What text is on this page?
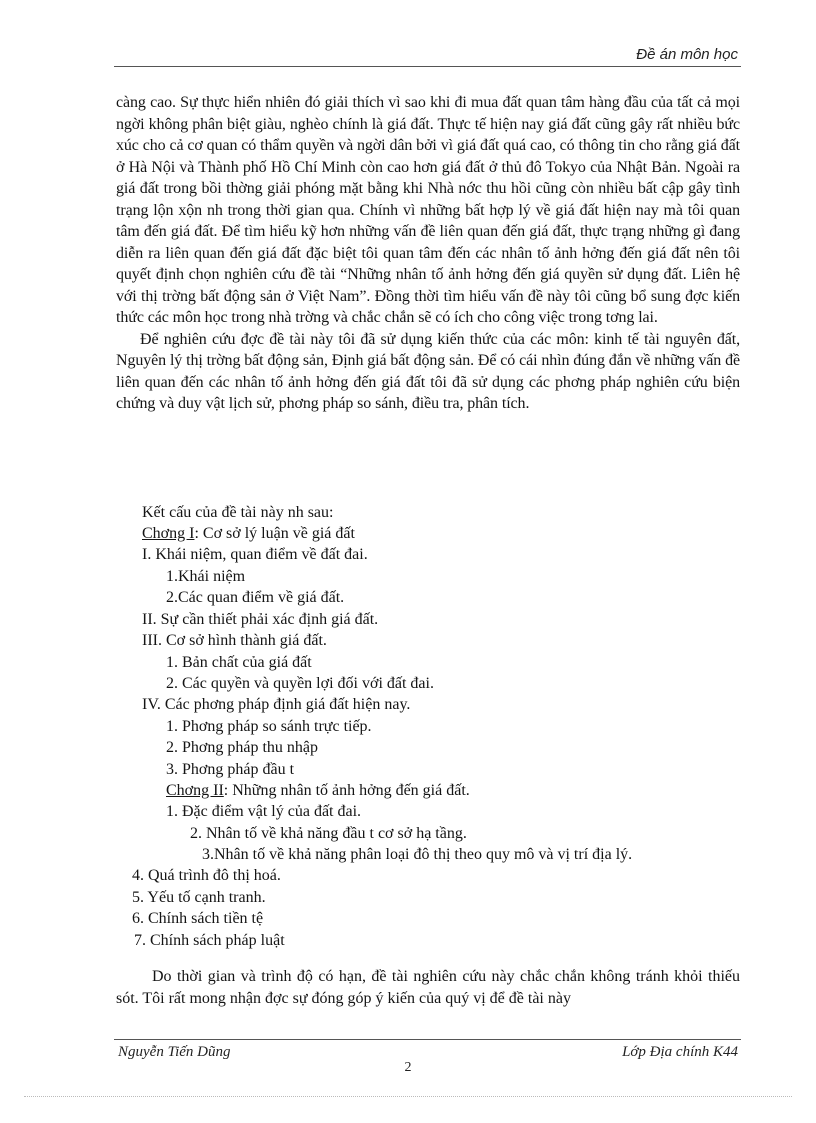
Đề án môn học

càng cao. Sự thực hiển nhiên đó giải thích vì sao khi đi mua đất quan tâm hàng đầu của tất cả mọi ngời không phân biệt giàu, nghèo chính là giá đất. Thực tế hiện nay giá đất cũng gây rất nhiều bức xúc cho cả cơ quan có thẩm quyền và ngời dân bởi vì giá đất quá cao, có thông tin cho rằng giá đất ở Hà Nội và Thành phố Hồ Chí Minh còn cao hơn giá đất ở thủ đô Tokyo của Nhật Bản. Ngoài ra giá đất trong bồi thờng giải phóng mặt bằng khi Nhà nớc thu hồi cũng còn nhiều bất cập gây tình trạng lộn xộn nh trong thời gian qua. Chính vì những bất hợp lý về giá đất hiện nay mà tôi quan tâm đến giá đất. Để tìm hiểu kỹ hơn những vấn đề liên quan đến giá đất, thực trạng những gì đang diễn ra liên quan đến giá đất đặc biệt tôi quan tâm đến các nhân tố ảnh hởng đến giá đất nên tôi quyết định chọn nghiên cứu đề tài “Những nhân tố ảnh hởng đến giá quyền sử dụng đất. Liên hệ với thị trờng bất động sản ở Việt Nam”. Đồng thời tìm hiểu vấn đề này tôi cũng bổ sung đợc kiến thức các môn học trong nhà trờng và chắc chắn sẽ có ích cho công việc trong tơng lai.

Để nghiên cứu đợc đề tài này tôi đã sử dụng kiến thức của các môn: kinh tế tài nguyên đất, Nguyên lý thị trờng bất động sản, Định giá bất động sản. Để có cái nhìn đúng đắn về những vấn đề liên quan đến các nhân tố ảnh hởng đến giá đất tôi đã sử dụng các phơng pháp nghiên cứu biện chứng và duy vật lịch sử, phơng pháp so sánh, điều tra, phân tích.

Kết cấu của đề tài này nh sau:
Chơng I: Cơ sở lý luận về giá đất
I. Khái niệm, quan điểm về đất đai.
1.Khái niệm
2.Các quan điểm về giá đất.
II. Sự cần thiết phải xác định giá đất.
III. Cơ sở hình thành giá đất.
1. Bản chất của giá đất
2. Các quyền và quyền lợi đối với đất đai.
IV. Các phơng pháp định giá đất hiện nay.
1. Phơng pháp so sánh trực tiếp.
2. Phơng pháp thu nhập
3. Phơng pháp đầu t
Chơng II: Những nhân tố ảnh hởng đến giá đất.
1. Đặc điểm vật lý của đất đai.
2. Nhân tố về khả năng đầu t cơ sở hạ tầng.
3.Nhân tố về khả năng phân loại đô thị theo quy mô và vị trí địa lý.
4. Quá trình đô thị hoá.
5. Yếu tố cạnh tranh.
6. Chính sách tiền tệ
7. Chính sách pháp luật

Do thời gian và trình độ có hạn, đề tài nghiên cứu này chắc chắn không tránh khỏi thiếu sót. Tôi rất mong nhận đợc sự đóng góp ý kiến của quý vị để đề tài này

Nguyễn Tiến Dũng	Lớp Địa chính K44
2
